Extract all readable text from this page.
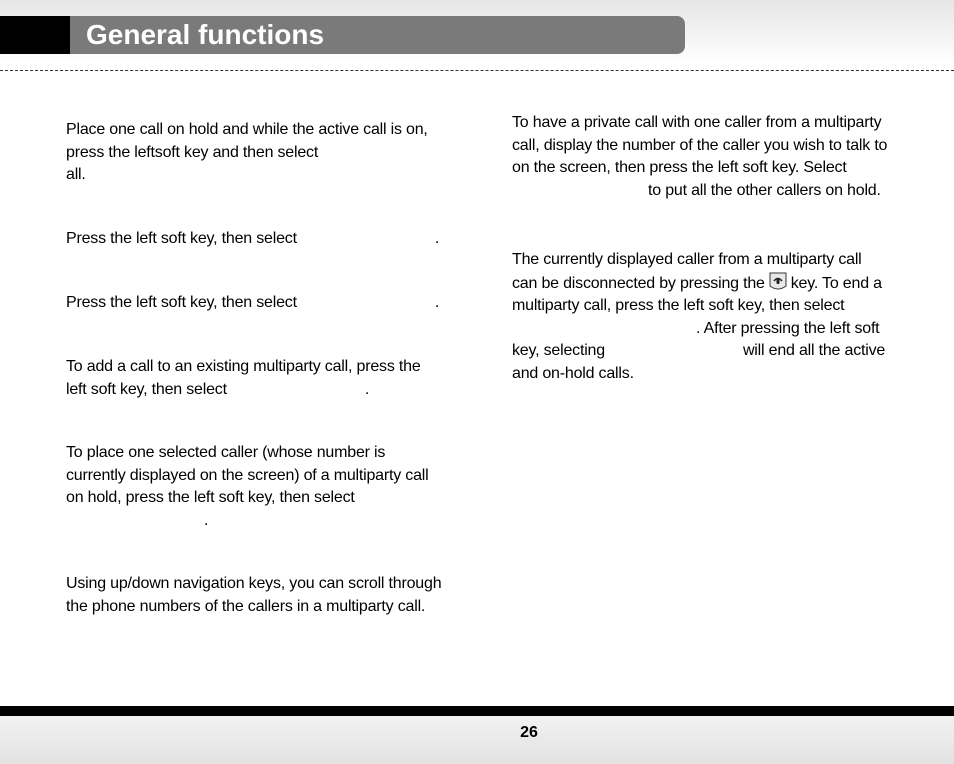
General functions

Place one call on hold and while the active call is on,

press the leftsoft key and then select

all.

Press the left soft key, then select	.

Press the left soft key, then select	.

To add a call to an existing multiparty call, press the

left soft key, then select	.

To place one selected caller (whose number is

currently displayed on the screen) of a multiparty call

on hold, press the left soft key, then select

.

Using up/down navigation keys, you can scroll through

the phone numbers of the callers in a multiparty call.

To have a private call with one caller from a multiparty

call, display the number of the caller you wish to talk to

on the screen, then press the left soft key. Select

to put all the other callers on hold.

The currently displayed caller from a multiparty call

can be disconnected by pressing the key. To end a

multiparty call, press the left soft key, then select

. After pressing the left soft

key, selecting	will end all the active

and on-hold calls.

26
